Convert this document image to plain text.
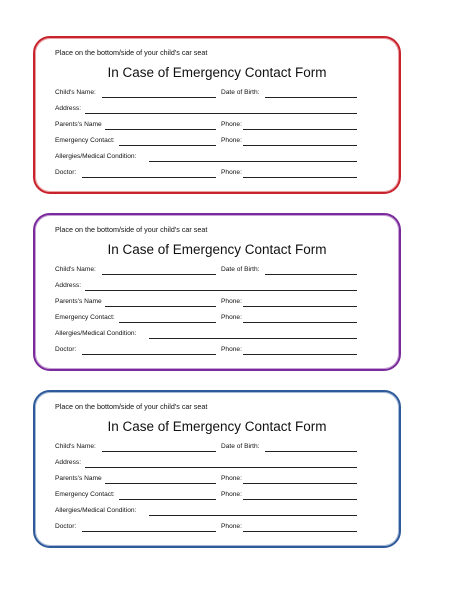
Place on the bottom/side of your child's car seat
In Case of Emergency Contact Form
Child's Name:	Date of Birth:
Address:
Parents's Name	Phone:
Emergency Contact:	Phone:
Allergies/Medical Condition:
Doctor:	Phone:
Place on the bottom/side of your child's car seat
In Case of Emergency Contact Form
Child's Name:	Date of Birth:
Address:
Parents's Name	Phone:
Emergency Contact:	Phone:
Allergies/Medical Condition:
Doctor:	Phone:
Place on the bottom/side of your child's car seat
In Case of Emergency Contact Form
Child's Name:	Date of Birth:
Address:
Parents's Name	Phone:
Emergency Contact:	Phone:
Allergies/Medical Condition:
Doctor:	Phone:
